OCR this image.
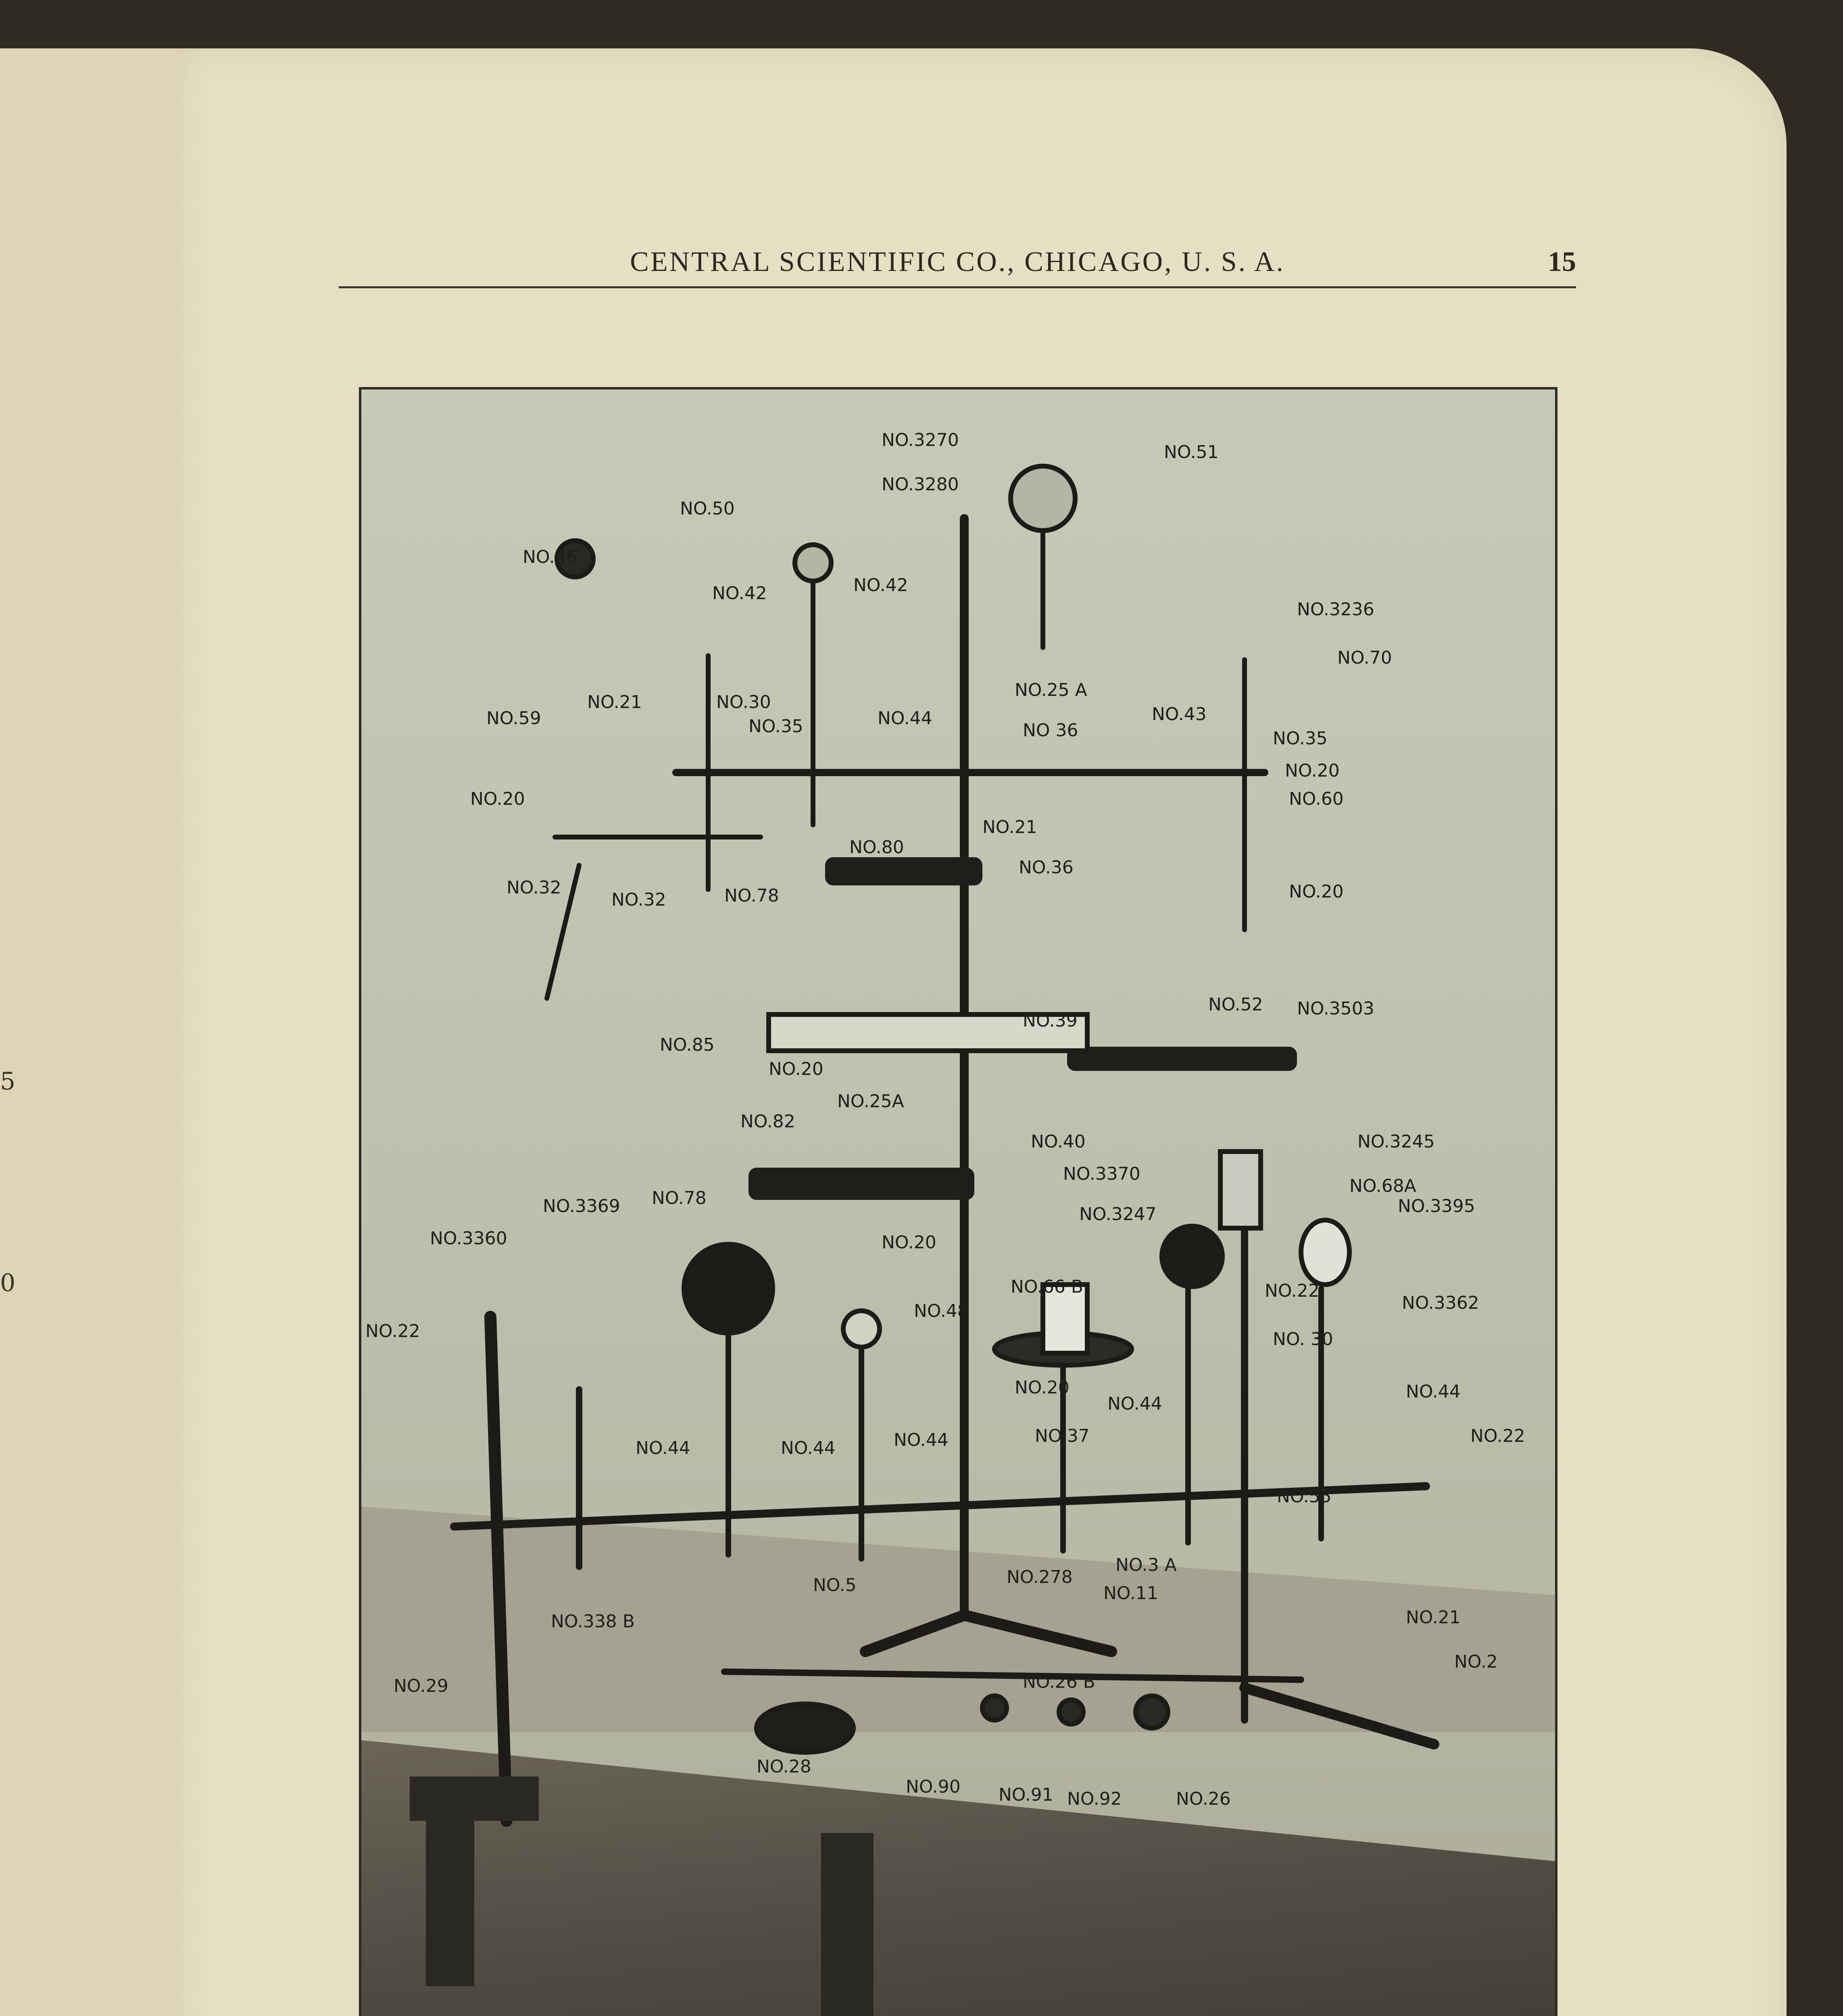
5
0
CENTRAL SCIENTIFIC CO., CHICAGO, U. S. A.	15
NO.3270
NO.51
NO.3280
NO.50
NO.46
NO.42	NO.42
NO.3236
NO.70
NO.21	NO.30
NO.35	NO.44
NO.25 A
NO 36
NO.43
NO.35
NO.59
NO.20
NO.60
NO.20
NO.21
NO.32
NO.32
NO.80
NO.36
NO.78	NO.20
NO.85
NO.20
NO.39
NO.52 NO.3503
NO.25A
NO.82
NO.40	NO.3245
NO.3370
NO.68A
NO.3395
NO.3369 NO.78
NO.3247
NO.3360	NO.20
NO.66 B	NO.22
NO.48	NO.3362
NO.22	NO. 30
NO.20	NO.44
NO.44	NO.44	NO.44	NO.37
NO.44
NO.22
NO.55
NO.3 A
NO.278
NO.5	NO.11
NO.338 B	NO.21
NO.2
NO.29	NO.26 B
NO.26 B
NO.28
NO.90 NO.91 NO.92	NO.26
